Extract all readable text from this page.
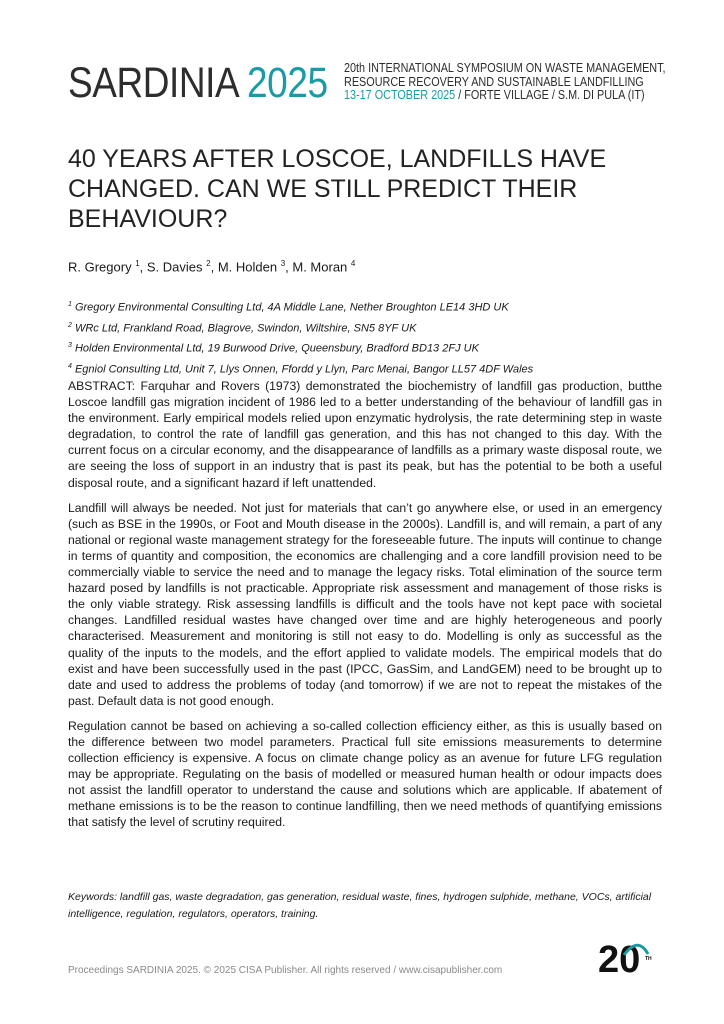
SARDINIA 2025 20th INTERNATIONAL SYMPOSIUM ON WASTE MANAGEMENT,
RESOURCE RECOVERY AND SUSTAINABLE LANDFILLING
13-17 OCTOBER 2025 / FORTE VILLAGE / S.M. DI PULA (IT)
40 YEARS AFTER LOSCOE, LANDFILLS HAVE CHANGED. CAN WE STILL PREDICT THEIR BEHAVIOUR?
R. Gregory $^1$, S. Davies $^2$, M. Holden $^3$, M. Moran $^4$
$^1$ Gregory Environmental Consulting Ltd, 4A Middle Lane, Nether Broughton LE14 3HD UK
$^2$ WRc Ltd, Frankland Road, Blagrove, Swindon, Wiltshire, SN5 8YF UK
$^3$ Holden Environmental Ltd, 19 Burwood Drive, Queensbury, Bradford BD13 2FJ UK
$^4$ Egniol Consulting Ltd, Unit 7, Llys Onnen, Ffordd y Llyn, Parc Menai, Bangor LL57 4DF Wales

ABSTRACT: Farquhar and Rovers (1973) demonstrated the biochemistry of landfill gas production, butthe Loscoe landfill gas migration incident of 1986 led to a better understanding of the behaviour of landfill gas in the environment. Early empirical models relied upon enzymatic hydrolysis, the rate determining step in waste degradation, to control the rate of landfill gas generation, and this has not changed to this day. With the current focus on a circular economy, and the disappearance of landfills as a primary waste disposal route, we are seeing the loss of support in an industry that is past its peak, but has the potential to be both a useful disposal route, and a significant hazard if left unattended.

Landfill will always be needed. Not just for materials that can’t go anywhere else, or used in an emergency (such as BSE in the 1990s, or Foot and Mouth disease in the 2000s). Landfill is, and will remain, a part of any national or regional waste management strategy for the foreseeable future. The inputs will continue to change in terms of quantity and composition, the economics are challenging and a core landfill provision need to be commercially viable to service the need and to manage the legacy risks. Total elimination of the source term hazard posed by landfills is not practicable. Appropriate risk assessment and management of those risks is the only viable strategy. Risk assessing landfills is difficult and the tools have not kept pace with societal changes. Landfilled residual wastes have changed over time and are highly heterogeneous and poorly characterised. Measurement and monitoring is still not easy to do. Modelling is only as successful as the quality of the inputs to the models, and the effort applied to validate models. The empirical models that do exist and have been successfully used in the past (IPCC, GasSim, and LandGEM) need to be brought up to date and used to address the problems of today (and tomorrow) if we are not to repeat the mistakes of the past. Default data is not good enough.

Regulation cannot be based on achieving a so-called collection efficiency either, as this is usually based on the difference between two model parameters. Practical full site emissions measurements to determine collection efficiency is expensive. A focus on climate change policy as an avenue for future LFG regulation may be appropriate. Regulating on the basis of modelled or measured human health or odour impacts does not assist the landfill operator to understand the cause and solutions which are applicable. If abatement of methane emissions is to be the reason to continue landfilling, then we need methods of quantifying emissions that satisfy the level of scrutiny required.

Keywords: landfill gas, waste degradation, gas generation, residual waste, fines, hydrogen sulphide, methane, VOCs, artificial intelligence, regulation, regulators, operators, training.
Proceedings SARDINIA 2025. © 2025 CISA Publisher. All rights reserved / www.cisapublisher.com	20 TH
